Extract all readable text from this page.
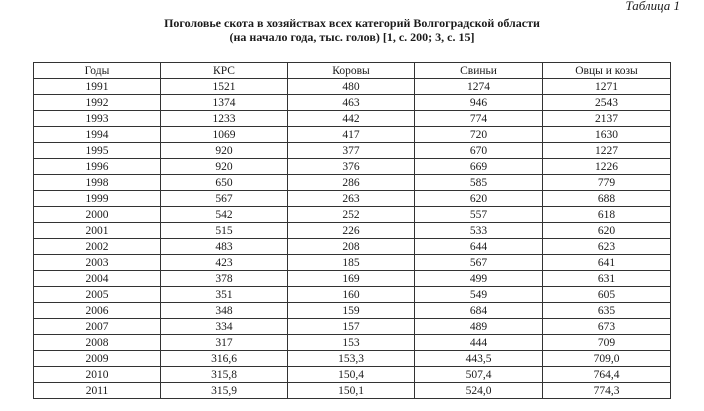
Таблица 1
Поголовье скота в хозяйствах всех категорий Волгоградской области
(на начало года, тыс. голов) [1, с. 200; 3, с. 15]
Годы	КРС	Коровы	Свиньи	Овцы и козы
1991	1521	480	1274	1271
1992	1374	463	946	2543
1993	1233	442	774	2137
1994	1069	417	720	1630
1995	920	377	670	1227
1996	920	376	669	1226
1998	650	286	585	779
1999	567	263	620	688
2000	542	252	557	618
2001	515	226	533	620
2002	483	208	644	623
2003	423	185	567	641
2004	378	169	499	631
2005	351	160	549	605
2006	348	159	684	635
2007	334	157	489	673
2008	317	153	444	709
2009	316,6	153,3	443,5	709,0
2010	315,8	150,4	507,4	764,4
2011	315,9	150,1	524,0	774,3
